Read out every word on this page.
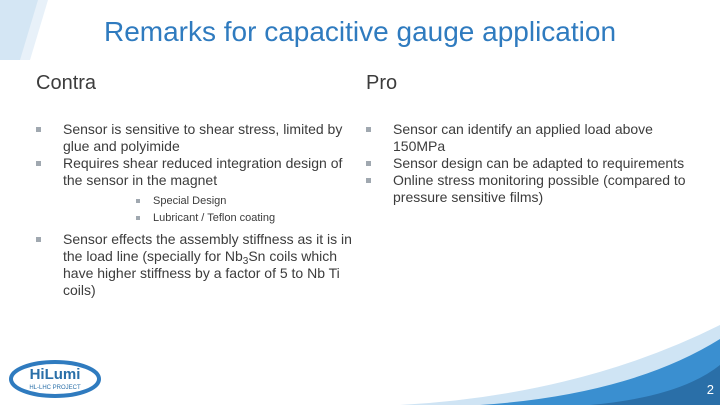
Remarks for capacitive gauge application
Contra	Pro
Sensor is sensitive to shear stress, limited by glue and polyimide
Requires shear reduced integration design of the sensor in the magnet
Special Design
Lubricant / Teflon coating
Sensor effects the assembly stiffness as it is in the load line (specially for $Nb_3Sn$ coils which have higher stiffness by a factor of 5 to Nb Ti coils)
Sensor can identify an applied load above 150MPa
Sensor design can be adapted to requirements
Online stress monitoring possible (compared to pressure sensitive films)
HiLumi
HL-LHC PROJECT	2
